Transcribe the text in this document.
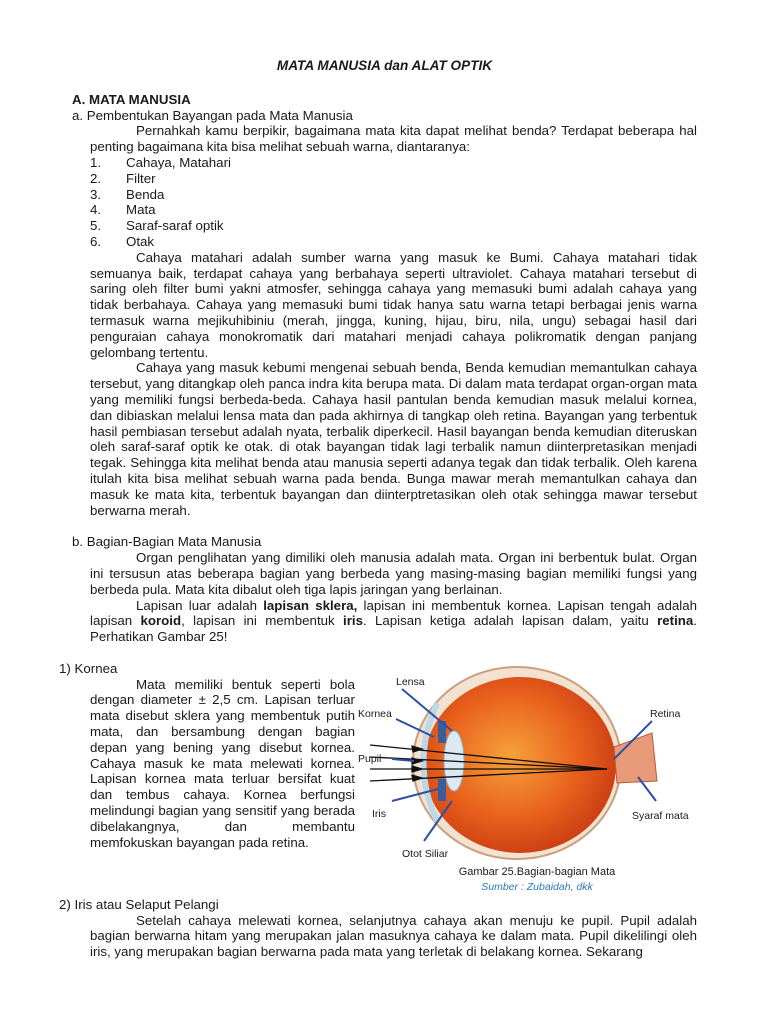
MATA MANUSIA dan ALAT OPTIK

A. MATA MANUSIA

a. Pembentukan Bayangan pada Mata Manusia

Pernahkah kamu berpikir, bagaimana mata kita dapat melihat benda? Terdapat beberapa hal penting bagaimana kita bisa melihat sebuah warna, diantaranya:

1.	Cahaya, Matahari
2.	Filter
3.	Benda
4.	Mata
5.	Saraf-saraf optik
6.	Otak

Cahaya matahari adalah sumber warna yang masuk ke Bumi. Cahaya matahari tidak semuanya baik, terdapat cahaya yang berbahaya seperti ultraviolet. Cahaya matahari tersebut di saring oleh filter bumi yakni atmosfer, sehingga cahaya yang memasuki bumi adalah cahaya yang tidak berbahaya. Cahaya yang memasuki bumi tidak hanya satu warna tetapi berbagai jenis warna termasuk warna mejikuhibiniu (merah, jingga, kuning, hijau, biru, nila, ungu) sebagai hasil dari penguraian cahaya monokromatik dari matahari menjadi cahaya polikromatik dengan panjang gelombang tertentu.

Cahaya yang masuk kebumi mengenai sebuah benda, Benda kemudian memantulkan cahaya tersebut, yang ditangkap oleh panca indra kita berupa mata. Di dalam mata terdapat organ-organ mata yang memiliki fungsi berbeda-beda. Cahaya hasil pantulan benda kemudian masuk melalui kornea, dan dibiaskan melalui lensa mata dan pada akhirnya di tangkap oleh retina. Bayangan yang terbentuk hasil pembiasan tersebut adalah nyata, terbalik diperkecil. Hasil bayangan benda kemudian diteruskan oleh saraf-saraf optik ke otak. di otak bayangan tidak lagi terbalik namun diinterpretasikan menjadi tegak. Sehingga kita melihat benda atau manusia seperti adanya tegak dan tidak terbalik. Oleh karena itulah kita bisa melihat sebuah warna pada benda. Bunga mawar merah memantulkan cahaya dan masuk ke mata kita, terbentuk bayangan dan diinterptretasikan oleh otak sehingga mawar tersebut berwarna merah.

b. Bagian-Bagian Mata Manusia

Organ penglihatan yang dimiliki oleh manusia adalah mata. Organ ini berbentuk bulat. Organ ini tersusun atas beberapa bagian yang berbeda yang masing-masing bagian memiliki fungsi yang berbeda pula. Mata kita dibalut oleh tiga lapis jaringan yang berlainan.

Lapisan luar adalah lapisan sklera, lapisan ini membentuk kornea. Lapisan tengah adalah lapisan koroid, lapisan ini membentuk iris. Lapisan ketiga adalah lapisan dalam, yaitu retina. Perhatikan Gambar 25!

1) Kornea

Mata memiliki bentuk seperti bola dengan diameter ± 2,5 cm. Lapisan terluar mata disebut sklera yang membentuk putih mata, dan bersambung dengan bagian depan yang bening yang disebut kornea. Cahaya masuk ke mata melewati kornea. Lapisan kornea mata terluar bersifat kuat dan tembus cahaya. Kornea berfungsi melindungi bagian yang sensitif yang berada dibelakangnya, dan membantu memfokuskan bayangan pada retina.

Lensa
Kornea
Pupil
Iris
Otot Siliar
Retina
Syaraf mata
Gambar 25.Bagian-bagian Mata
Sumber : Zubaidah, dkk

2) Iris atau Selaput Pelangi

Setelah cahaya melewati kornea, selanjutnya cahaya akan menuju ke pupil. Pupil adalah bagian berwarna hitam yang merupakan jalan masuknya cahaya ke dalam mata. Pupil dikelilingi oleh iris, yang merupakan bagian berwarna pada mata yang terletak di belakang kornea. Sekarang
